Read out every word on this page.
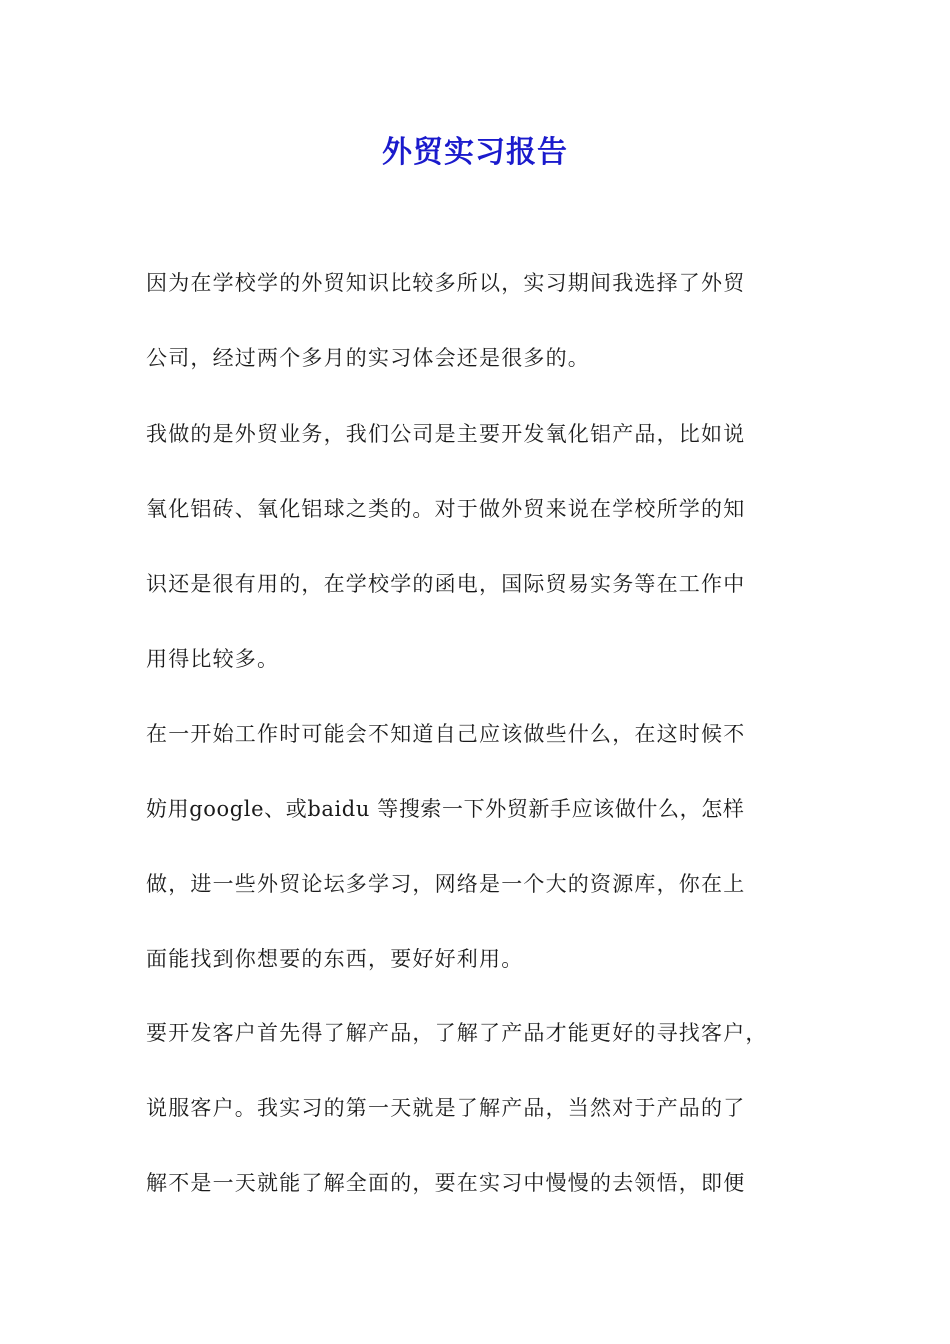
外贸实习报告
因为在学校学的外贸知识比较多所以，实习期间我选择了外贸
公司，经过两个多月的实习体会还是很多的。
我做的是外贸业务，我们公司是主要开发氧化铝产品，比如说
氧化铝砖、氧化铝球之类的。对于做外贸来说在学校所学的知
识还是很有用的，在学校学的函电，国际贸易实务等在工作中
用得比较多。
在一开始工作时可能会不知道自己应该做些什么，在这时候不
妨用google、或baidu 等搜索一下外贸新手应该做什么，怎样
做，进一些外贸论坛多学习，网络是一个大的资源库，你在上
面能找到你想要的东西，要好好利用。
要开发客户首先得了解产品，了解了产品才能更好的寻找客户，
说服客户。我实习的第一天就是了解产品，当然对于产品的了
解不是一天就能了解全面的，要在实习中慢慢的去领悟，即便
